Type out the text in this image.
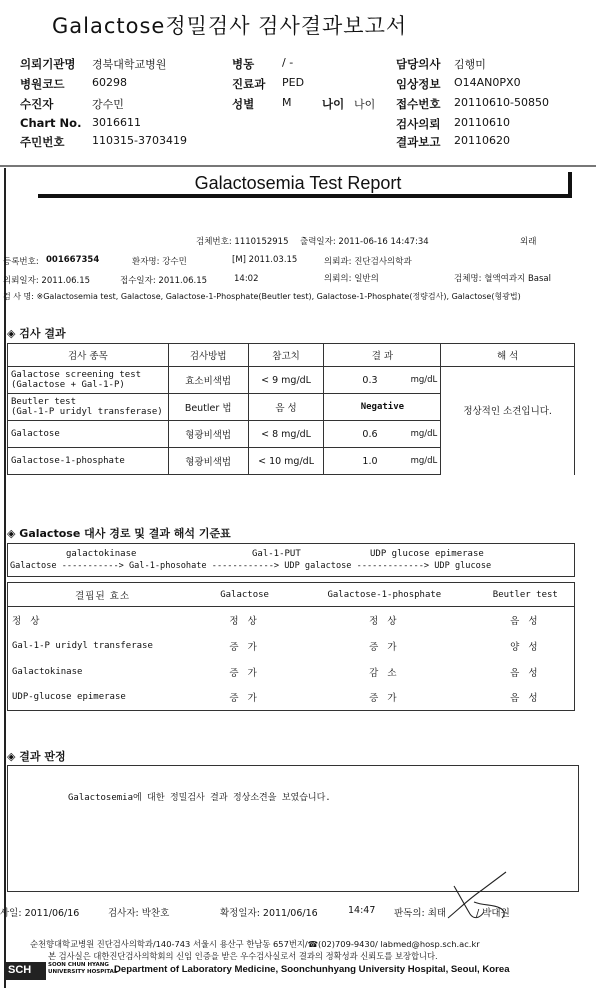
Galactose정밀검사 검사결과보고서
의뢰기관명 경북대학교병원	병동	/ -	담당의사 김행미
병원코드	60298	진료과 PED	임상정보 O14AN0PX0
수진자	강수민	성별	M	나이 나이 접수번호 20110610-50850
Chart No. 3016611	검사의뢰 20110610
주민번호	110315-3703419	결과보고 20110620
Galactosemia Test Report
검체번호: 1110152915 출력일자: 2011-06-16 14:47:34	외래
등록번호: 001667354	환자명: 강수민	[M] 2011.03.15	의뢰과: 진단검사의학과
의뢰일자: 2011.06.15	접수일자: 2011.06.15	14:02	의뢰의: 일반의	검체명: 혈액여과지 Basal
검 사 명: ※Galactosemia test, Galactose, Galactose-1-Phosphate(Beutler test), Galactose-1-Phosphate(정량검사), Galactose(형광법)
◈ 검사 결과
검사 종목	검사방법	참고치	결 과	해 석
Galactose screening test
(Galactose + Gal-1-P)	효소비색법	< 9 mg/dL	0.3 mg/dL	정상적인 소견입니다.
Beutler test
(Gal-1-P uridyl transferase)	Beutler 법	음 성	Negative	
Galactose	형광비색법	< 8 mg/dL	0.6 mg/dL	

Galactose-1-phosphate	형광비색법	< 10 mg/dL	1.0 mg/dL	
◈ Galactose 대사 경로 및 결과 해석 기준표
galactokinase	Gal-1-PUT	UDP glucose epimerase
Galactose -----------> Gal-1-phosohate ------------> UDP galactose -------------> UDP glucose
결핍된 효소	Galactose	Galactose-1-phosphate	Beutler test
정 상	정 상	정 상	음 성
Gal-1-P uridyl transferase	증 가	증 가	양 성
Galactokinase	증 가	감 소	음 성
UDP-glucose epimerase	증 가	증 가	음 성
◈ 결과 판정
Galactosemia에 대한 정밀검사 결과 정상소견을 보였습니다.
사일: 2011/06/16	검사자: 박찬호	확정일자: 2011/06/16	14:47 판독의: 최태	/ 박대원
순천향대학교병원 진단검사의학과/140-743 서울시 용산구 한남동 657번지/☎(02)709-9430/ labmed@hosp.sch.ac.kr
본 검사실은 대한진단검사의학회의 신임 인증을 받은 우수검사실로서 결과의 정확성과 신뢰도를 보장합니다.
SCH	SOON CHUN HYANG
UNIVERSITY HOSPITAL
Department of Laboratory Medicine, Soonchunhyang University Hospital, Seoul, Korea
